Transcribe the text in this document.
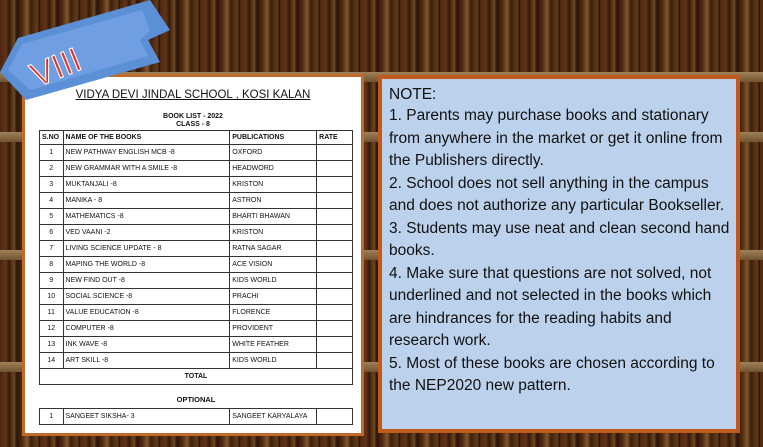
VIDYA DEVI JINDAL SCHOOL , KOSI KALAN
BOOK LIST - 2022
CLASS - 8
S.NO	NAME OF THE BOOKS	PUBLICATIONS	RATE
1	NEW PATHWAY ENGLISH MCB -8	OXFORD	
2	NEW GRAMMAR WITH A SMILE -8	HEADWORD	
3	MUKTANJALI -8	KRISTON	
4	MANIKA - 8	ASTRON	
5	MATHEMATICS -8	BHARTI BHAWAN	
6	VED VAANI -2	KRISTON	
7	LIVING SCIENCE UPDATE - 8	RATNA SAGAR	
8	MAPING THE WORLD -8	ACE VISION	
9	NEW FIND OUT -8	KIDS WORLD	
10	SOCIAL SCIENCE -8	PRACHI	
11	VALUE EDUCATION -8	FLORENCE	
12	COMPUTER -8	PROVIDENT	
13	INK WAVE -8	WHITE FEATHER	
14	ART SKILL -8	KIDS WORLD	
TOTAL			
OPTIONAL
1	SANGEET SIKSHA- 3	SANGEET KARYALAYA	
VIII	NOTE:
1. Parents may purchase books and stationary from anywhere in the market or get it online from the Publishers directly.
2. School does not sell anything in the campus and does not authorize any particular Bookseller.
3. Students may use neat and clean second hand books.
4. Make sure that questions are not solved, not underlined and not selected in the books which are hindrances for the reading habits and research work.
5. Most of these books are chosen according to the NEP2020 new pattern.
